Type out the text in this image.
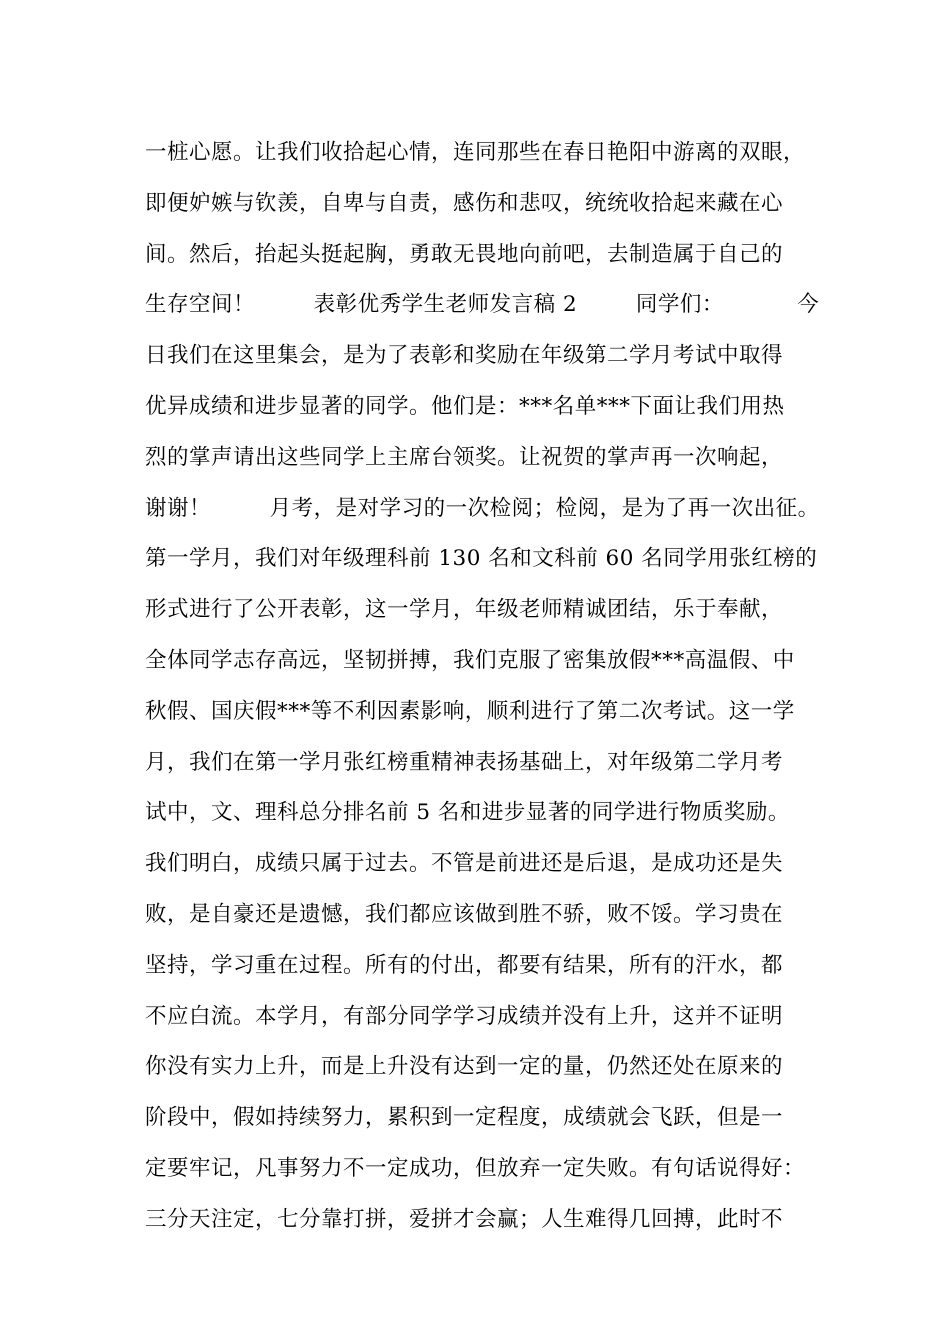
一桩心愿。让我们收拾起心情，连同那些在春日艳阳中游离的双眼，
即便妒嫉与钦羡，自卑与自责，感伤和悲叹，统统收拾起来藏在心
间。然后，抬起头挺起胸，勇敢无畏地向前吧，去制造属于自己的
生存空间！        表彰优秀学生老师发言稿 2        同学们：          今
日我们在这里集会，是为了表彰和奖励在年级第二学月考试中取得
优异成绩和进步显著的同学。他们是：***名单***下面让我们用热
烈的掌声请出这些同学上主席台领奖。让祝贺的掌声再一次响起，
谢谢！        月考，是对学习的一次检阅；检阅，是为了再一次出征。
第一学月，我们对年级理科前 130 名和文科前 60 名同学用张红榜的
形式进行了公开表彰，这一学月，年级老师精诚团结，乐于奉献，
全体同学志存高远，坚韧拼搏，我们克服了密集放假***高温假、中
秋假、国庆假***等不利因素影响，顺利进行了第二次考试。这一学
月，我们在第一学月张红榜重精神表扬基础上，对年级第二学月考
试中，文、理科总分排名前 5 名和进步显著的同学进行物质奖励。
我们明白，成绩只属于过去。不管是前进还是后退，是成功还是失
败，是自豪还是遗憾，我们都应该做到胜不骄，败不馁。学习贵在
坚持，学习重在过程。所有的付出，都要有结果，所有的汗水，都
不应白流。本学月，有部分同学学习成绩并没有上升，这并不证明
你没有实力上升，而是上升没有达到一定的量，仍然还处在原来的
阶段中，假如持续努力，累积到一定程度，成绩就会飞跃，但是一
定要牢记，凡事努力不一定成功，但放弃一定失败。有句话说得好：
三分天注定，七分靠打拼，爱拼才会赢；人生难得几回搏，此时不
